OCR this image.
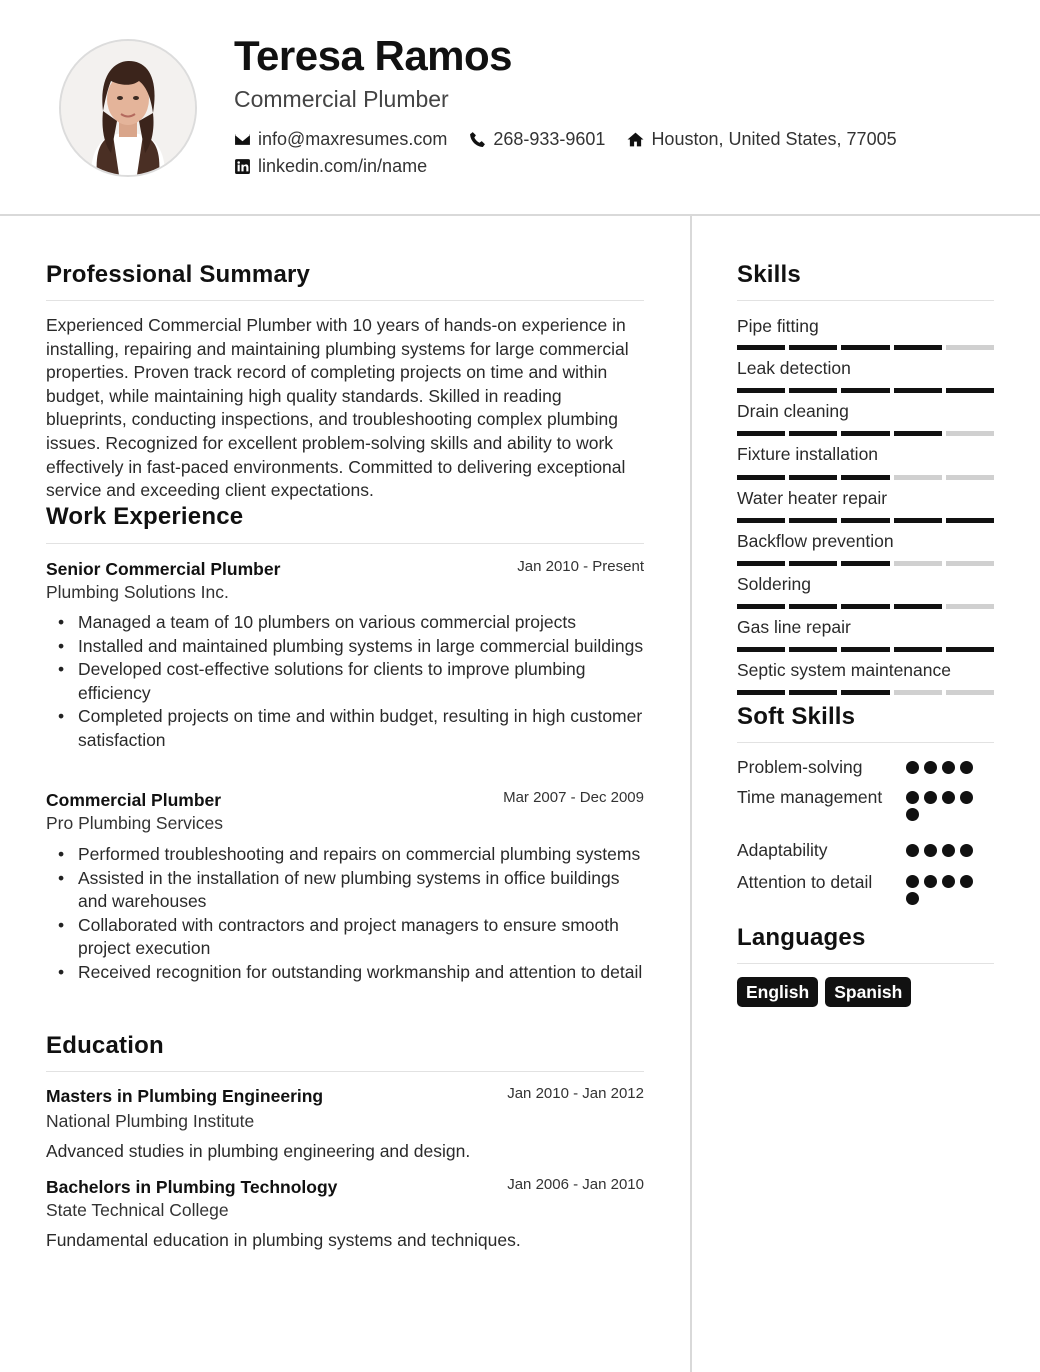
Teresa Ramos
Commercial Plumber
info@maxresumes.com	268-933-9601	Houston, United States, 77005
linkedin.com/in/name
Professional Summary
Experienced Commercial Plumber with 10 years of hands-on experience in installing, repairing and maintaining plumbing systems for large commercial properties. Proven track record of completing projects on time and within budget, while maintaining high quality standards. Skilled in reading blueprints, conducting inspections, and troubleshooting complex plumbing issues. Recognized for excellent problem-solving skills and ability to work effectively in fast-paced environments. Committed to delivering exceptional service and exceeding client expectations.
Work Experience
Senior Commercial Plumber	Jan 2010 - Present
Plumbing Solutions Inc.
• Managed a team of 10 plumbers on various commercial projects
• Installed and maintained plumbing systems in large commercial buildings
• Developed cost-effective solutions for clients to improve plumbing efficiency
• Completed projects on time and within budget, resulting in high customer satisfaction
Commercial Plumber	Mar 2007 - Dec 2009
Pro Plumbing Services
• Performed troubleshooting and repairs on commercial plumbing systems
• Assisted in the installation of new plumbing systems in office buildings and warehouses
• Collaborated with contractors and project managers to ensure smooth project execution
• Received recognition for outstanding workmanship and attention to detail
Education
Masters in Plumbing Engineering	Jan 2010 - Jan 2012
National Plumbing Institute
Advanced studies in plumbing engineering and design.
Bachelors in Plumbing Technology	Jan 2006 - Jan 2010
State Technical College
Fundamental education in plumbing systems and techniques.
Skills
Pipe fitting
Leak detection
Drain cleaning
Fixture installation
Water heater repair
Backflow prevention
Soldering
Gas line repair
Septic system maintenance
Soft Skills
Problem-solving
Time management
Adaptability
Attention to detail
Languages
English	Spanish
